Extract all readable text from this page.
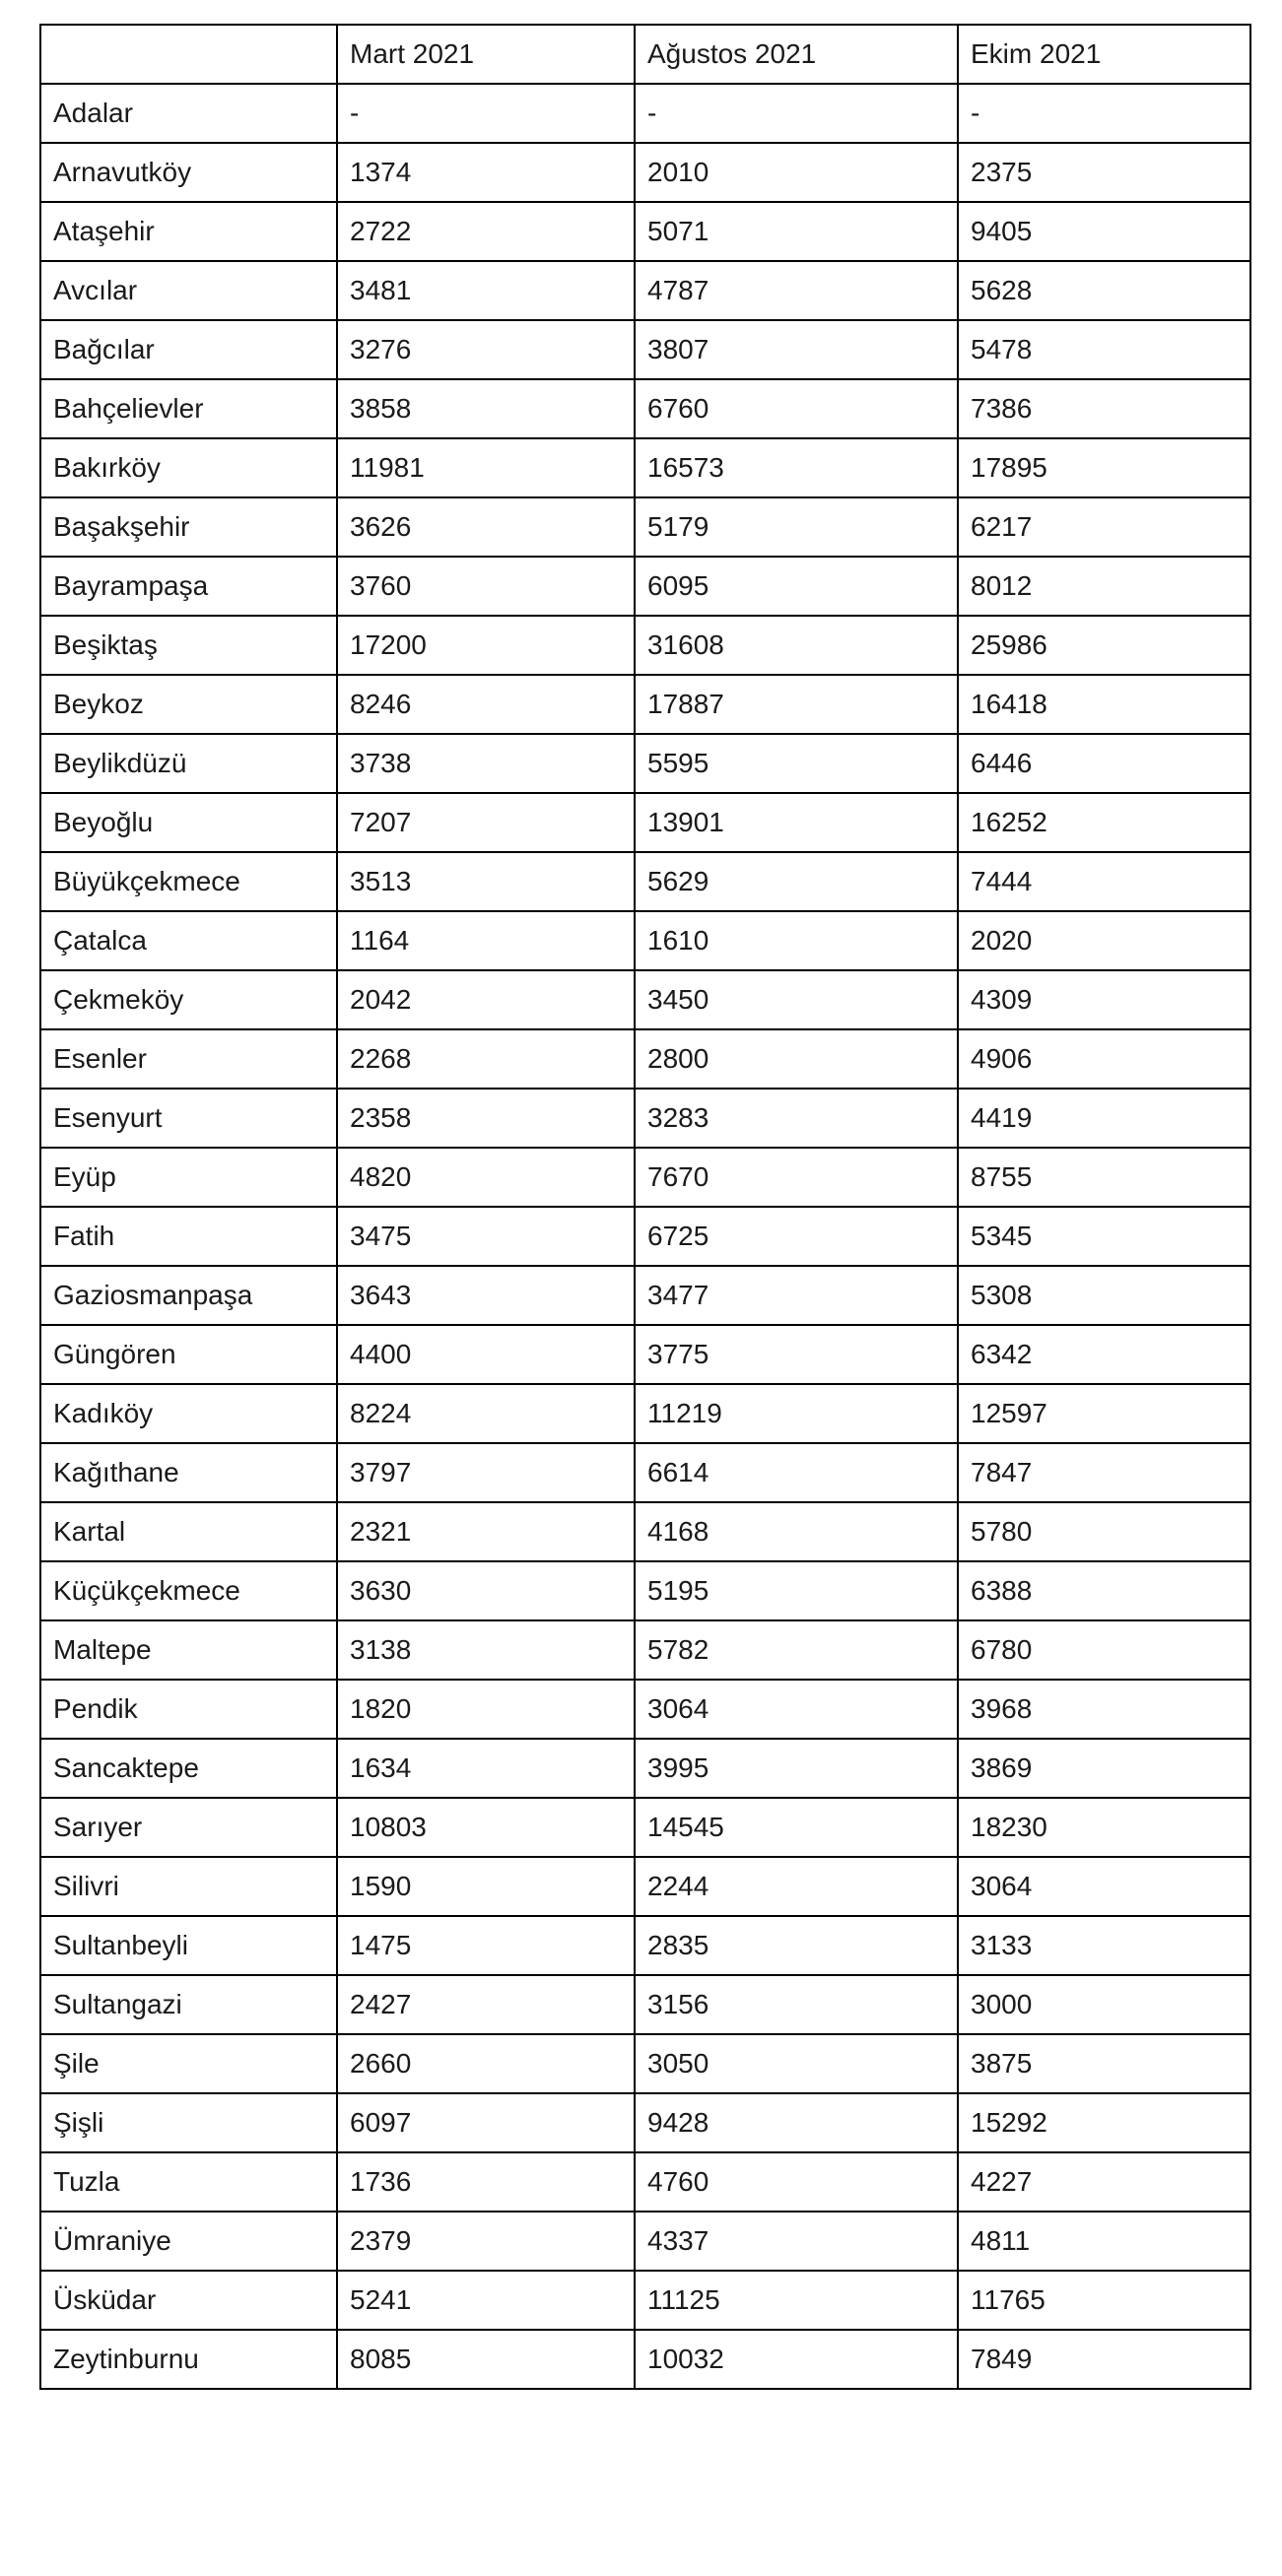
	Mart 2021	Ağustos 2021	Ekim 2021
Adalar	-	-	-
Arnavutköy	1374	2010	2375
Ataşehir	2722	5071	9405
Avcılar	3481	4787	5628
Bağcılar	3276	3807	5478
Bahçelievler	3858	6760	7386
Bakırköy	11981	16573	17895
Başakşehir	3626	5179	6217
Bayrampaşa	3760	6095	8012
Beşiktaş	17200	31608	25986
Beykoz	8246	17887	16418
Beylikdüzü	3738	5595	6446
Beyoğlu	7207	13901	16252
Büyükçekmece	3513	5629	7444
Çatalca	1164	1610	2020
Çekmeköy	2042	3450	4309
Esenler	2268	2800	4906
Esenyurt	2358	3283	4419
Eyüp	4820	7670	8755
Fatih	3475	6725	5345
Gaziosmanpaşa	3643	3477	5308
Güngören	4400	3775	6342
Kadıköy	8224	11219	12597
Kağıthane	3797	6614	7847
Kartal	2321	4168	5780
Küçükçekmece	3630	5195	6388
Maltepe	3138	5782	6780
Pendik	1820	3064	3968
Sancaktepe	1634	3995	3869
Sarıyer	10803	14545	18230
Silivri	1590	2244	3064
Sultanbeyli	1475	2835	3133
Sultangazi	2427	3156	3000
Şile	2660	3050	3875
Şişli	6097	9428	15292
Tuzla	1736	4760	4227
Ümraniye	2379	4337	4811
Üsküdar	5241	11125	11765
Zeytinburnu	8085	10032	7849
